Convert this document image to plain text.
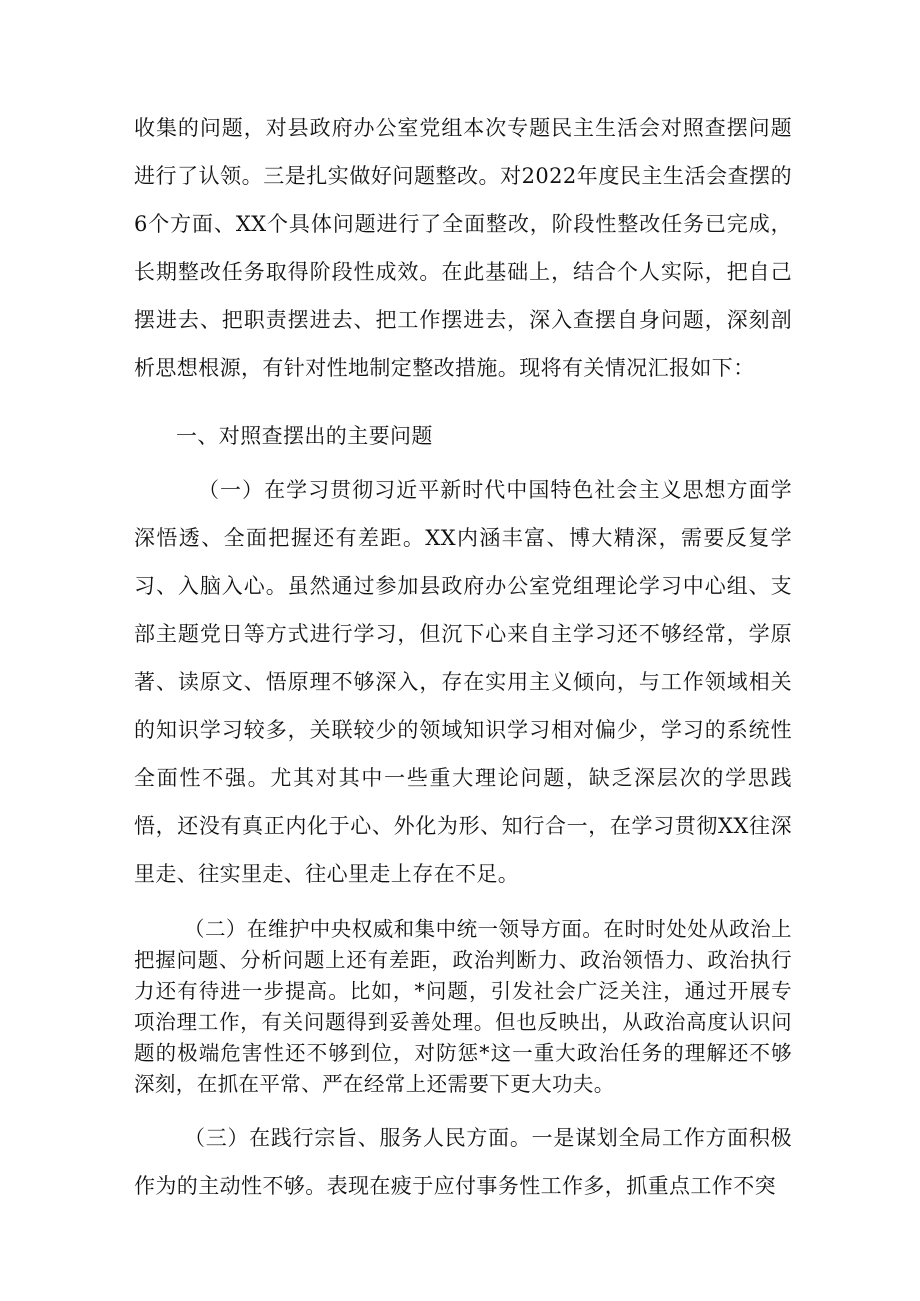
收集的问题，对县政府办公室党组本次专题民主生活会对照查摆问题进行了认领。三是扎实做好问题整改。对2022年度民主生活会查摆的6个方面、XX个具体问题进行了全面整改，阶段性整改任务已完成，长期整改任务取得阶段性成效。在此基础上，结合个人实际，把自己摆进去、把职责摆进去、把工作摆进去，深入查摆自身问题，深刻剖析思想根源，有针对性地制定整改措施。现将有关情况汇报如下：

一、对照查摆出的主要问题

（一）在学习贯彻习近平新时代中国特色社会主义思想方面学深悟透、全面把握还有差距。XX内涵丰富、博大精深，需要反复学习、入脑入心。虽然通过参加县政府办公室党组理论学习中心组、支部主题党日等方式进行学习，但沉下心来自主学习还不够经常，学原著、读原文、悟原理不够深入，存在实用主义倾向，与工作领域相关的知识学习较多，关联较少的领域知识学习相对偏少，学习的系统性全面性不强。尤其对其中一些重大理论问题，缺乏深层次的学思践悟，还没有真正内化于心、外化为形、知行合一，在学习贯彻XX往深里走、往实里走、往心里走上存在不足。

（二）在维护中央权威和集中统一领导方面。在时时处处从政治上把握问题、分析问题上还有差距，政治判断力、政治领悟力、政治执行力还有待进一步提高。比如，*问题，引发社会广泛关注，通过开展专项治理工作，有关问题得到妥善处理。但也反映出，从政治高度认识问题的极端危害性还不够到位，对防惩*这一重大政治任务的理解还不够深刻，在抓在平常、严在经常上还需要下更大功夫。

（三）在践行宗旨、服务人民方面。一是谋划全局工作方面积极作为的主动性不够。表现在疲于应付事务性工作多，抓重点工作不突
